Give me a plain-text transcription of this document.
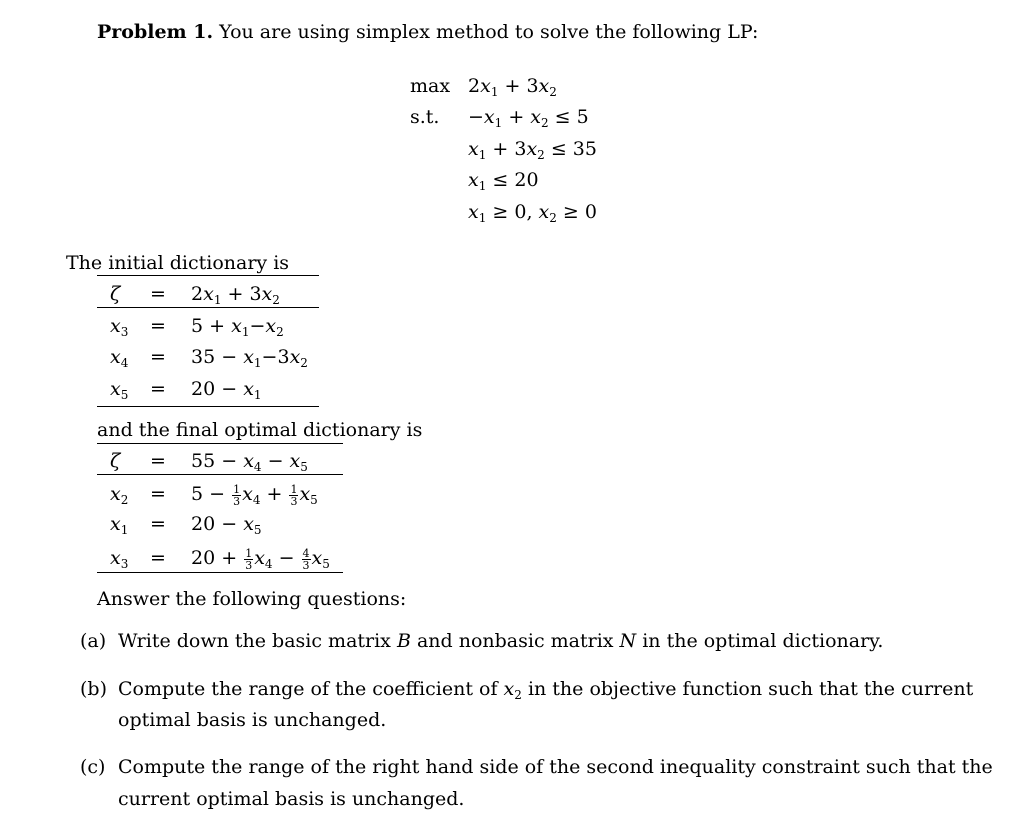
Problem 1. You are using simplex method to solve the following LP:
$\max 2x_1 + 3x_2$
s.t. $-x_1 + x_2 \le 5$
$x_1 + 3x_2 \le 35$
$x_1 \le 20$
$x_1 \ge 0$, $x_2 \ge 0$
The initial dictionary is
$\zeta = 2x_1 + 3x_2$
$x_3 = 5 + x_1-x_2$
$x_4 = 35 - x_1-3x_2$
$x_5 = 20 - x_1$
and the final optimal dictionary is
$\zeta = 55 - x_4 - x_5$
$x_2 = 5 - \frac{1}{3} x_4 + \frac{1}{3} x_5$
$x_1 = 20 - x_5$
$x_3 = 20 + \frac{1}{3} x_4 - \frac{4}{3} x_5$
Answer the following questions:
(a) Write down the basic matrix B and nonbasic matrix N in the optimal dictionary.
(b) Compute the range of the coefficient of $x_2$ in the objective function such that the current
optimal basis is unchanged.
(c) Compute the range of the right hand side of the second inequality constraint such that the
current optimal basis is unchanged.
